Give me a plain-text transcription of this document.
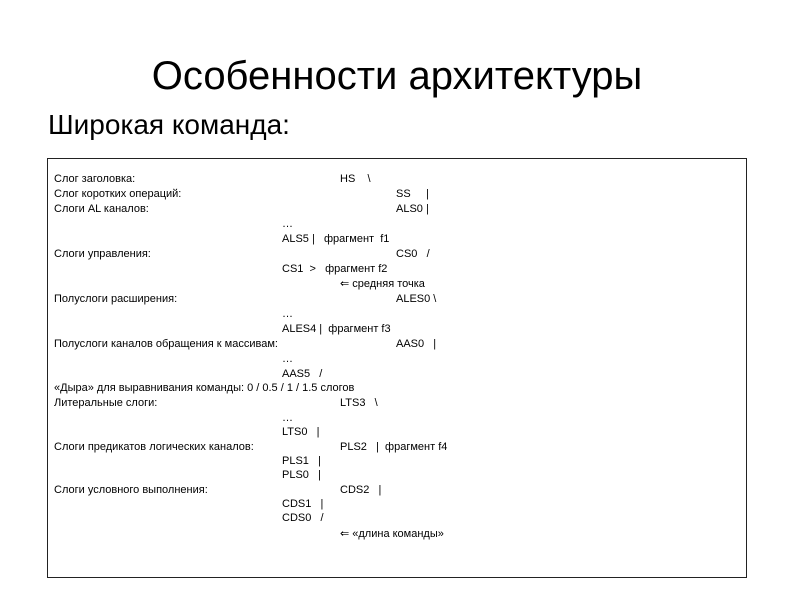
Особенности архитектуры
Широкая команда:
Слог заголовка:	HS    \
Слог коротких операций:	SS     |
Слоги AL каналов:	ALS0 |
…
ALS5 |   фрагмент  f1
Слоги управления:	CS0   /
CS1  >   фрагмент f2
⇐ средняя точка
Полуслоги расширения:	ALES0 \
…
ALES4 |  фрагмент f3
Полуслоги каналов обращения к массивам:	AAS0   |
…
AAS5   /
«Дыра» для выравнивания команды: 0 / 0.5 / 1 / 1.5 слогов
Литеральные слоги:	LTS3   \
…
LTS0   |
Слоги предикатов логических каналов:	PLS2   |  фрагмент f4
PLS1   |
PLS0   |
Слоги условного выполнения:	CDS2   |
CDS1   |
CDS0   /
⇐ «длина команды»
